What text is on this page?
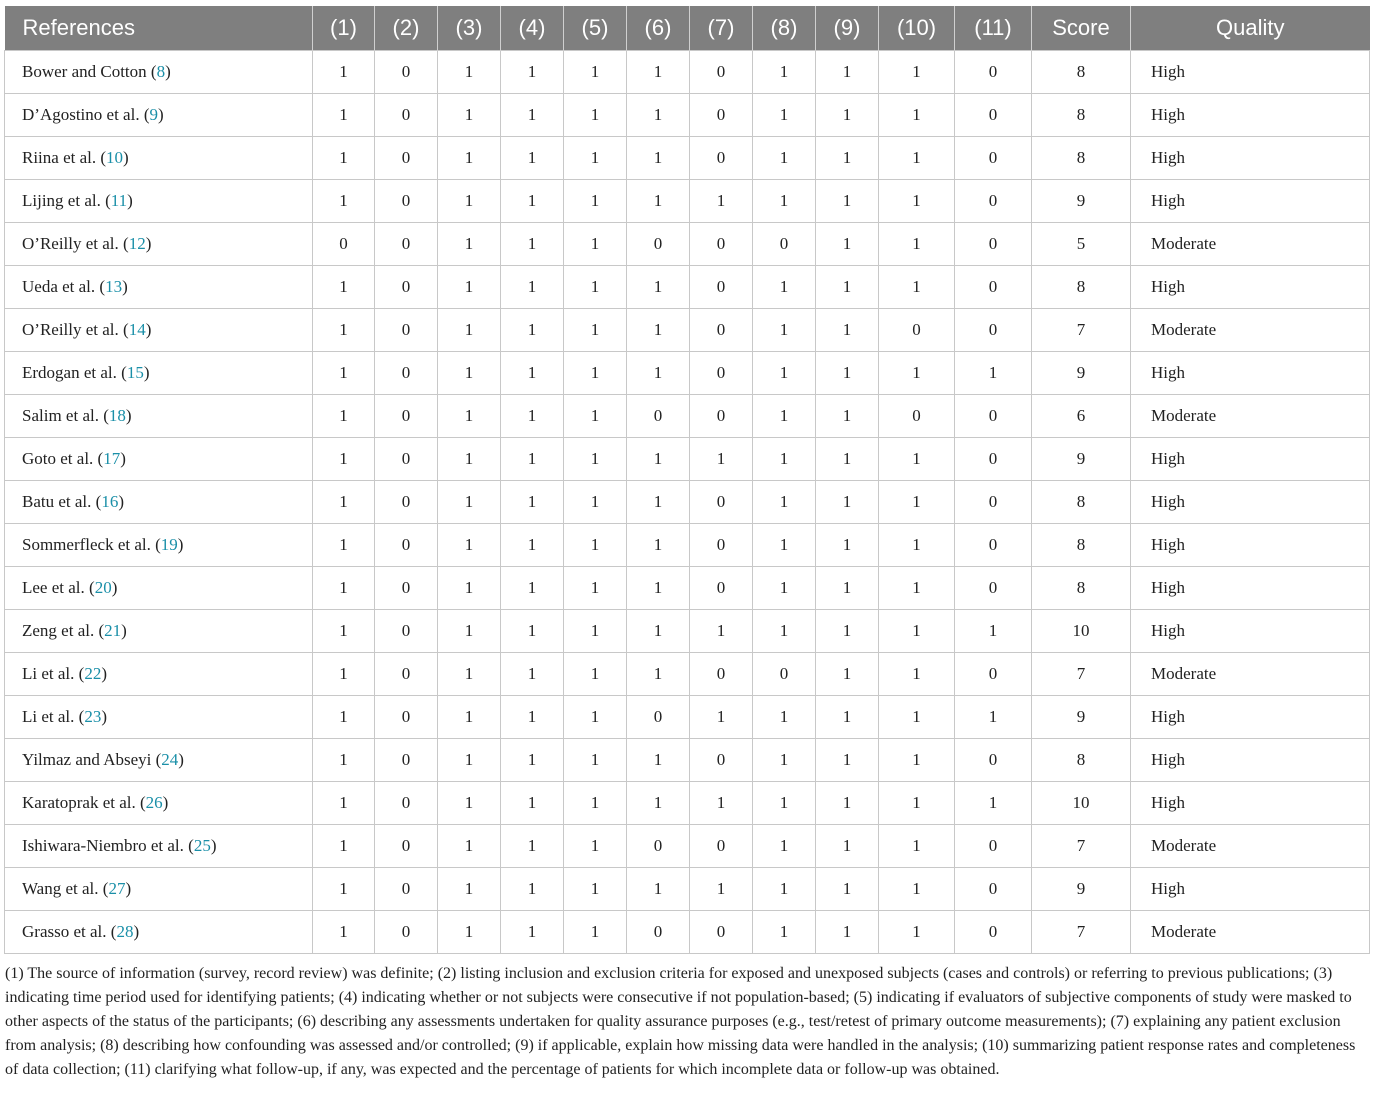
References	(1)	(2)	(3)	(4)	(5)	(6)	(7)	(8)	(9)	(10)	(11)	Score	Quality
Bower and Cotton (8)	1	0	1	1	1	1	0	1	1	1	0	8	High
D’Agostino et al. (9)	1	0	1	1	1	1	0	1	1	1	0	8	High
Riina et al. (10)	1	0	1	1	1	1	0	1	1	1	0	8	High
Lijing et al. (11)	1	0	1	1	1	1	1	1	1	1	0	9	High
O’Reilly et al. (12)	0	0	1	1	1	0	0	0	1	1	0	5	Moderate
Ueda et al. (13)	1	0	1	1	1	1	0	1	1	1	0	8	High
O’Reilly et al. (14)	1	0	1	1	1	1	0	1	1	0	0	7	Moderate
Erdogan et al. (15)	1	0	1	1	1	1	0	1	1	1	1	9	High
Salim et al. (18)	1	0	1	1	1	0	0	1	1	0	0	6	Moderate
Goto et al. (17)	1	0	1	1	1	1	1	1	1	1	0	9	High
Batu et al. (16)	1	0	1	1	1	1	0	1	1	1	0	8	High
Sommerfleck et al. (19)	1	0	1	1	1	1	0	1	1	1	0	8	High
Lee et al. (20)	1	0	1	1	1	1	0	1	1	1	0	8	High
Zeng et al. (21)	1	0	1	1	1	1	1	1	1	1	1	10	High
Li et al. (22)	1	0	1	1	1	1	0	0	1	1	0	7	Moderate
Li et al. (23)	1	0	1	1	1	0	1	1	1	1	1	9	High
Yilmaz and Abseyi (24)	1	0	1	1	1	1	0	1	1	1	0	8	High
Karatoprak et al. (26)	1	0	1	1	1	1	1	1	1	1	1	10	High
Ishiwara-Niembro et al. (25)	1	0	1	1	1	0	0	1	1	1	0	7	Moderate
Wang et al. (27)	1	0	1	1	1	1	1	1	1	1	0	9	High
Grasso et al. (28)	1	0	1	1	1	0	0	1	1	1	0	7	Moderate
(1) The source of information (survey, record review) was definite; (2) listing inclusion and exclusion criteria for exposed and unexposed subjects (cases and controls) or referring to previous publications; (3) indicating time period used for identifying patients; (4) indicating whether or not subjects were consecutive if not population-based; (5) indicating if evaluators of subjective components of study were masked to other aspects of the status of the participants; (6) describing any assessments undertaken for quality assurance purposes (e.g., test/retest of primary outcome measurements); (7) explaining any patient exclusion from analysis; (8) describing how confounding was assessed and/or controlled; (9) if applicable, explain how missing data were handled in the analysis; (10) summarizing patient response rates and completeness of data collection; (11) clarifying what follow-up, if any, was expected and the percentage of patients for which incomplete data or follow-up was obtained.
